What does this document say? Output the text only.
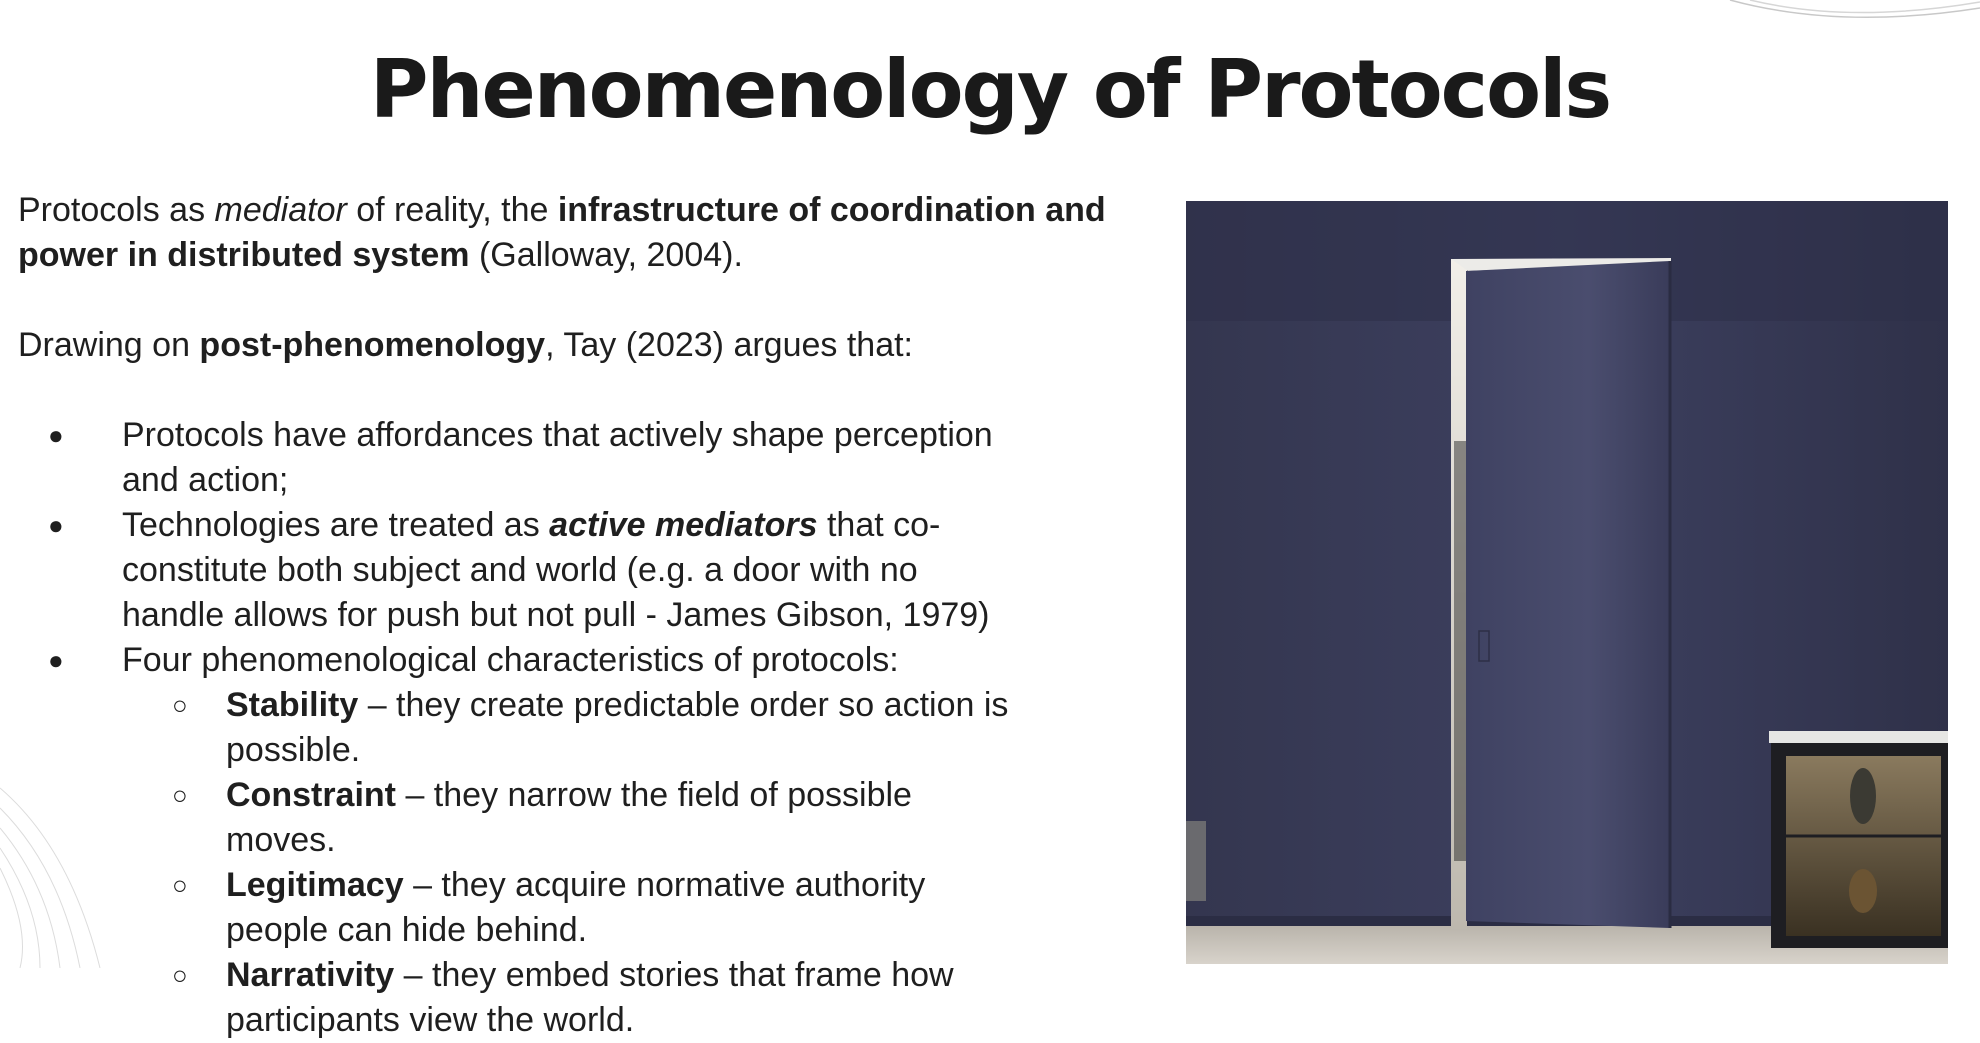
Phenomenology of Protocols

Protocols as mediator of reality, the infrastructure of coordination and power in distributed system (Galloway, 2004).

Drawing on post-phenomenology, Tay (2023) argues that:

● Protocols have affordances that actively shape perception and action;
● Technologies are treated as active mediators that co-constitute both subject and world (e.g. a door with no handle allows for push but not pull - James Gibson, 1979)
● Four phenomenological characteristics of protocols:
○ Stability – they create predictable order so action is possible.
○ Constraint – they narrow the field of possible moves.
○ Legitimacy – they acquire normative authority people can hide behind.
○ Narrativity – they embed stories that frame how participants view the world.
